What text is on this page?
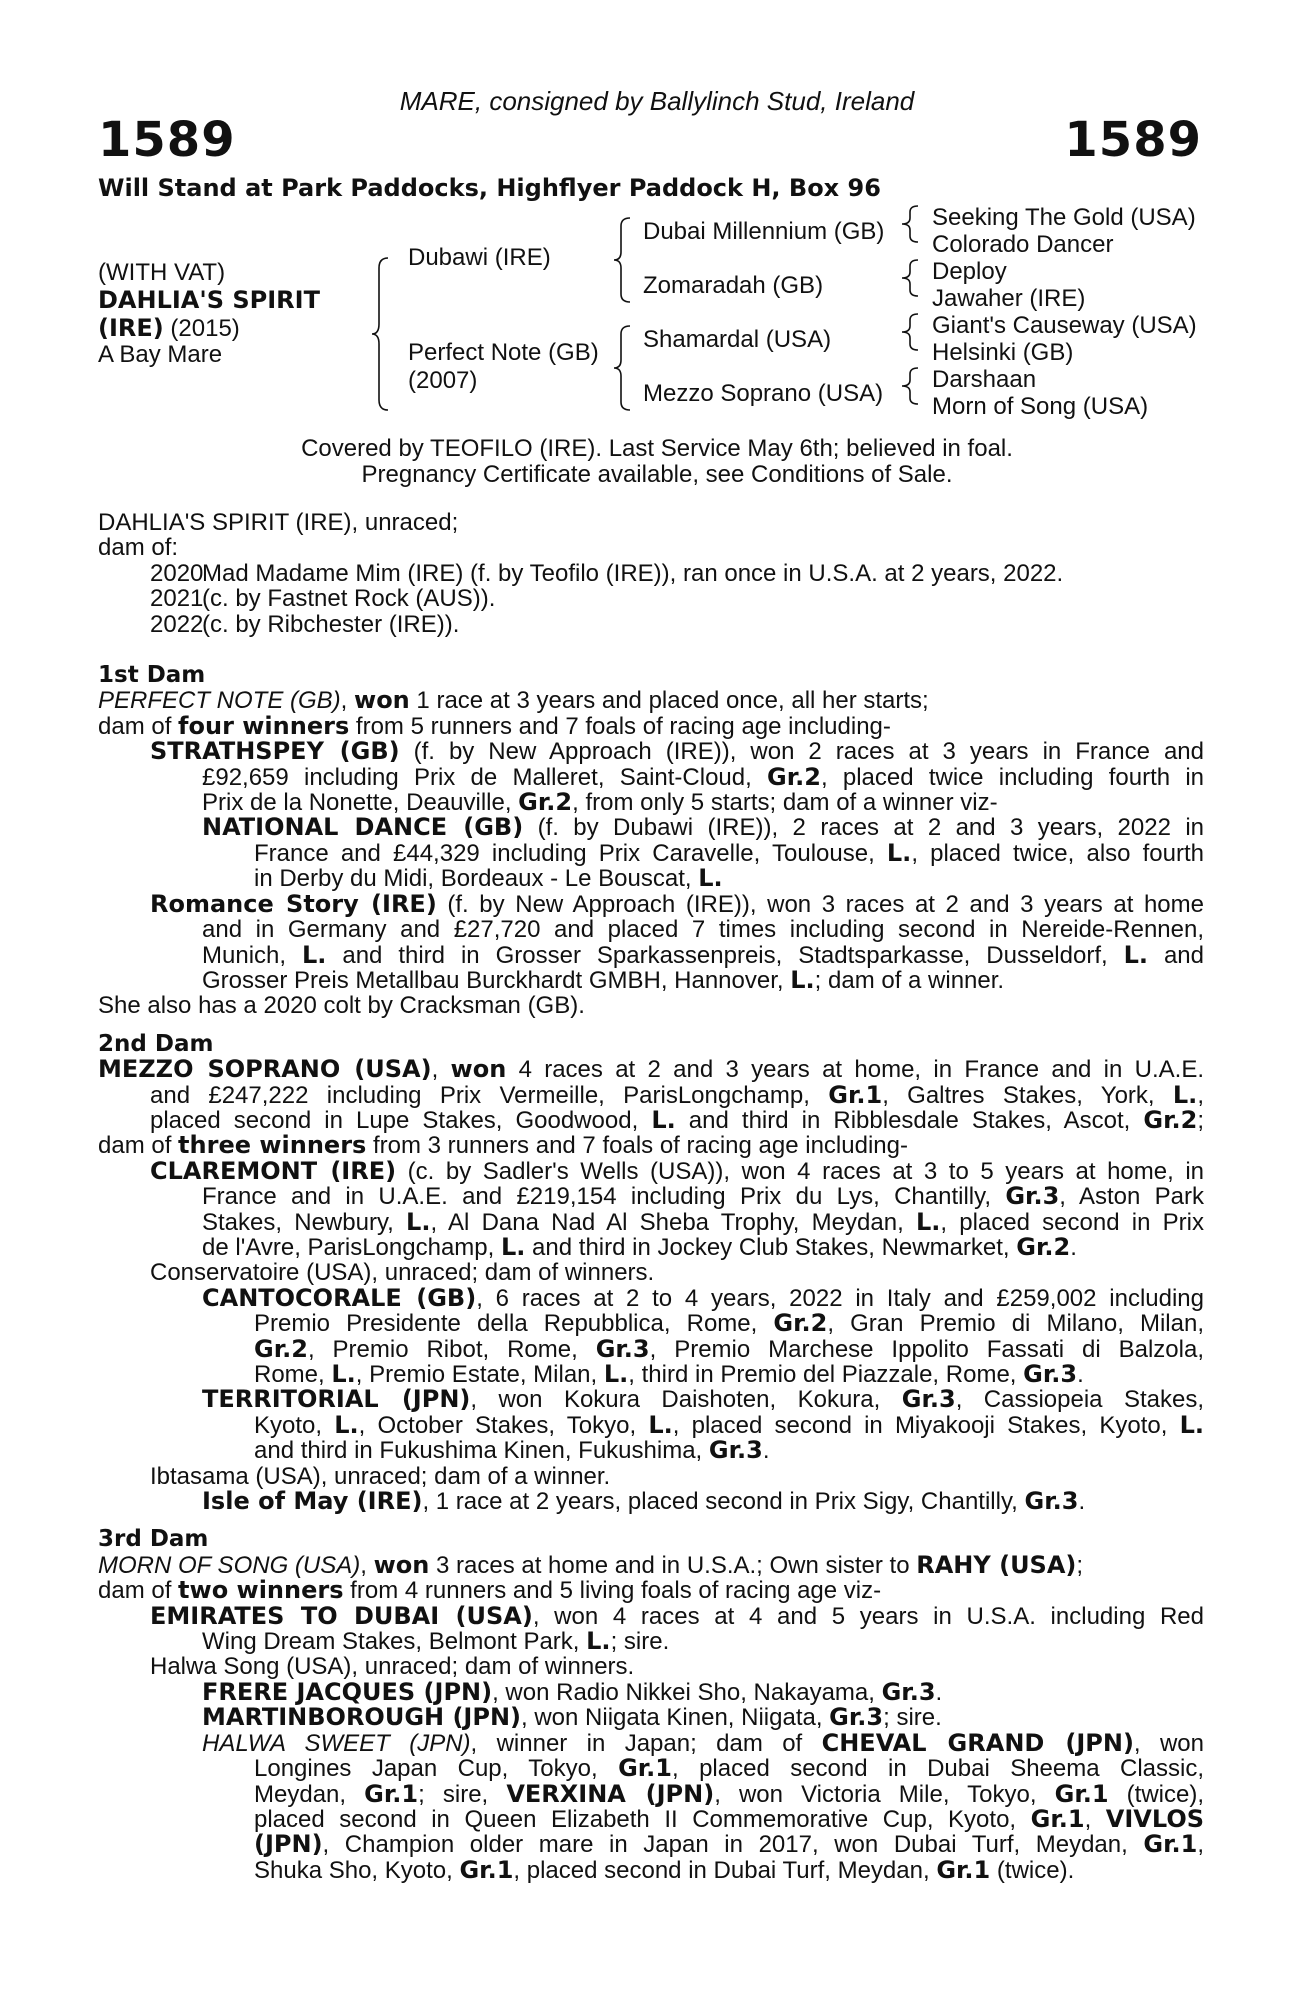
MARE, consigned by Ballylinch Stud, Ireland
1589	1589
Will Stand at Park Paddocks, Highflyer Paddock H, Box 96
(WITH VAT)
DAHLIA'S SPIRIT
(IRE) (2015)
A Bay Mare
Dubawi (IRE)
Perfect Note (GB)
(2007)
Dubai Millennium (GB)
Zomaradah (GB)
Shamardal (USA)
Mezzo Soprano (USA)
Seeking The Gold (USA)
Colorado Dancer
Deploy
Jawaher (IRE)
Giant's Causeway (USA)
Helsinki (GB)
Darshaan
Morn of Song (USA)
Covered by TEOFILO (IRE). Last Service May 6th; believed in foal.
Pregnancy Certificate available, see Conditions of Sale.
DAHLIA'S SPIRIT (IRE), unraced;
dam of:
2020Mad Madame Mim (IRE) (f. by Teofilo (IRE)), ran once in U.S.A. at 2 years, 2022.
2021(c. by Fastnet Rock (AUS)).
2022(c. by Ribchester (IRE)).
1st Dam
PERFECT NOTE (GB), won 1 race at 3 years and placed once, all her starts;
dam of four winners from 5 runners and 7 foals of racing age including-
STRATHSPEY (GB) (f. by New Approach (IRE)), won 2 races at 3 years in France and
£92,659 including Prix de Malleret, Saint-Cloud, Gr.2, placed twice including fourth in
Prix de la Nonette, Deauville, Gr.2, from only 5 starts; dam of a winner viz-
NATIONAL DANCE (GB) (f. by Dubawi (IRE)), 2 races at 2 and 3 years, 2022 in
France and £44,329 including Prix Caravelle, Toulouse, L., placed twice, also fourth
in Derby du Midi, Bordeaux - Le Bouscat, L.
Romance Story (IRE) (f. by New Approach (IRE)), won 3 races at 2 and 3 years at home
and in Germany and £27,720 and placed 7 times including second in Nereide-Rennen,
Munich, L. and third in Grosser Sparkassenpreis, Stadtsparkasse, Dusseldorf, L. and
Grosser Preis Metallbau Burckhardt GMBH, Hannover, L.; dam of a winner.
She also has a 2020 colt by Cracksman (GB).
2nd Dam
MEZZO SOPRANO (USA), won 4 races at 2 and 3 years at home, in France and in U.A.E.
and £247,222 including Prix Vermeille, ParisLongchamp, Gr.1, Galtres Stakes, York, L.,
placed second in Lupe Stakes, Goodwood, L. and third in Ribblesdale Stakes, Ascot, Gr.2;
dam of three winners from 3 runners and 7 foals of racing age including-
CLAREMONT (IRE) (c. by Sadler's Wells (USA)), won 4 races at 3 to 5 years at home, in
France and in U.A.E. and £219,154 including Prix du Lys, Chantilly, Gr.3, Aston Park
Stakes, Newbury, L., Al Dana Nad Al Sheba Trophy, Meydan, L., placed second in Prix
de l'Avre, ParisLongchamp, L. and third in Jockey Club Stakes, Newmarket, Gr.2.
Conservatoire (USA), unraced; dam of winners.
CANTOCORALE (GB), 6 races at 2 to 4 years, 2022 in Italy and £259,002 including
Premio Presidente della Repubblica, Rome, Gr.2, Gran Premio di Milano, Milan,
Gr.2, Premio Ribot, Rome, Gr.3, Premio Marchese Ippolito Fassati di Balzola,
Rome, L., Premio Estate, Milan, L., third in Premio del Piazzale, Rome, Gr.3.
TERRITORIAL (JPN), won Kokura Daishoten, Kokura, Gr.3, Cassiopeia Stakes,
Kyoto, L., October Stakes, Tokyo, L., placed second in Miyakooji Stakes, Kyoto, L.
and third in Fukushima Kinen, Fukushima, Gr.3.
Ibtasama (USA), unraced; dam of a winner.
Isle of May (IRE), 1 race at 2 years, placed second in Prix Sigy, Chantilly, Gr.3.
3rd Dam
MORN OF SONG (USA), won 3 races at home and in U.S.A.; Own sister to RAHY (USA);
dam of two winners from 4 runners and 5 living foals of racing age viz-
EMIRATES TO DUBAI (USA), won 4 races at 4 and 5 years in U.S.A. including Red
Wing Dream Stakes, Belmont Park, L.; sire.
Halwa Song (USA), unraced; dam of winners.
FRERE JACQUES (JPN), won Radio Nikkei Sho, Nakayama, Gr.3.
MARTINBOROUGH (JPN), won Niigata Kinen, Niigata, Gr.3; sire.
HALWA SWEET (JPN), winner in Japan; dam of CHEVAL GRAND (JPN), won
Longines Japan Cup, Tokyo, Gr.1, placed second in Dubai Sheema Classic,
Meydan, Gr.1; sire, VERXINA (JPN), won Victoria Mile, Tokyo, Gr.1 (twice),
placed second in Queen Elizabeth II Commemorative Cup, Kyoto, Gr.1, VIVLOS
(JPN), Champion older mare in Japan in 2017, won Dubai Turf, Meydan, Gr.1,
Shuka Sho, Kyoto, Gr.1, placed second in Dubai Turf, Meydan, Gr.1 (twice).
